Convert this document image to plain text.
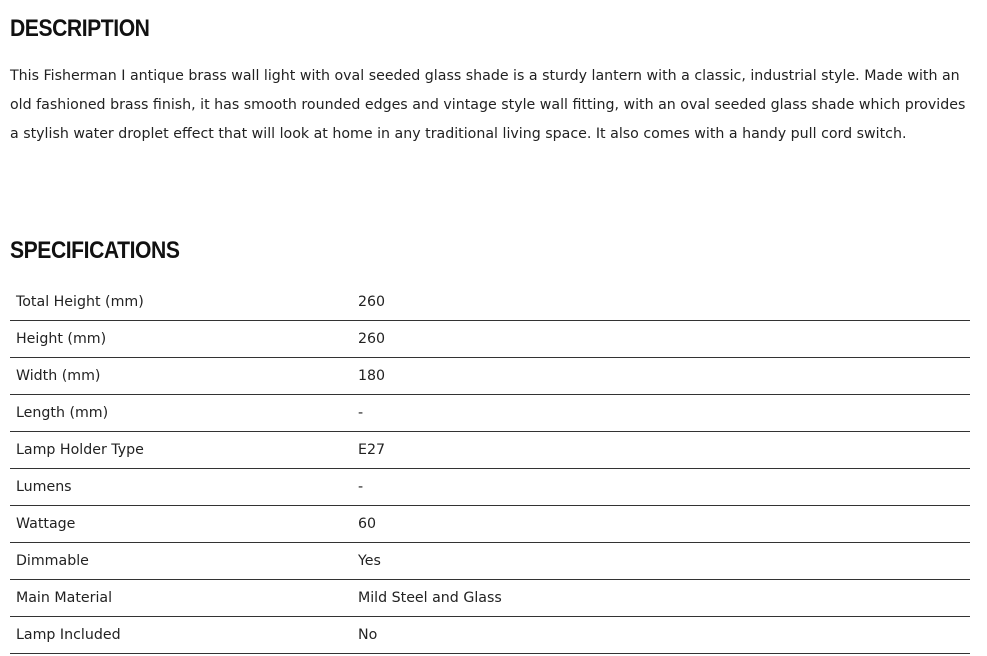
DESCRIPTION

This Fisherman I antique brass wall light with oval seeded glass shade is a sturdy lantern with a classic, industrial style. Made with an old fashioned brass finish, it has smooth rounded edges and vintage style wall fitting, with an oval seeded glass shade which provides a stylish water droplet effect that will look at home in any traditional living space. It also comes with a handy pull cord switch.

SPECIFICATIONS
Total Height (mm)	260
Height (mm)	260
Width (mm)	180
Length (mm)	-
Lamp Holder Type	E27
Lumens	-
Wattage	60
Dimmable	Yes
Main Material	Mild Steel and Glass
Lamp Included	No
